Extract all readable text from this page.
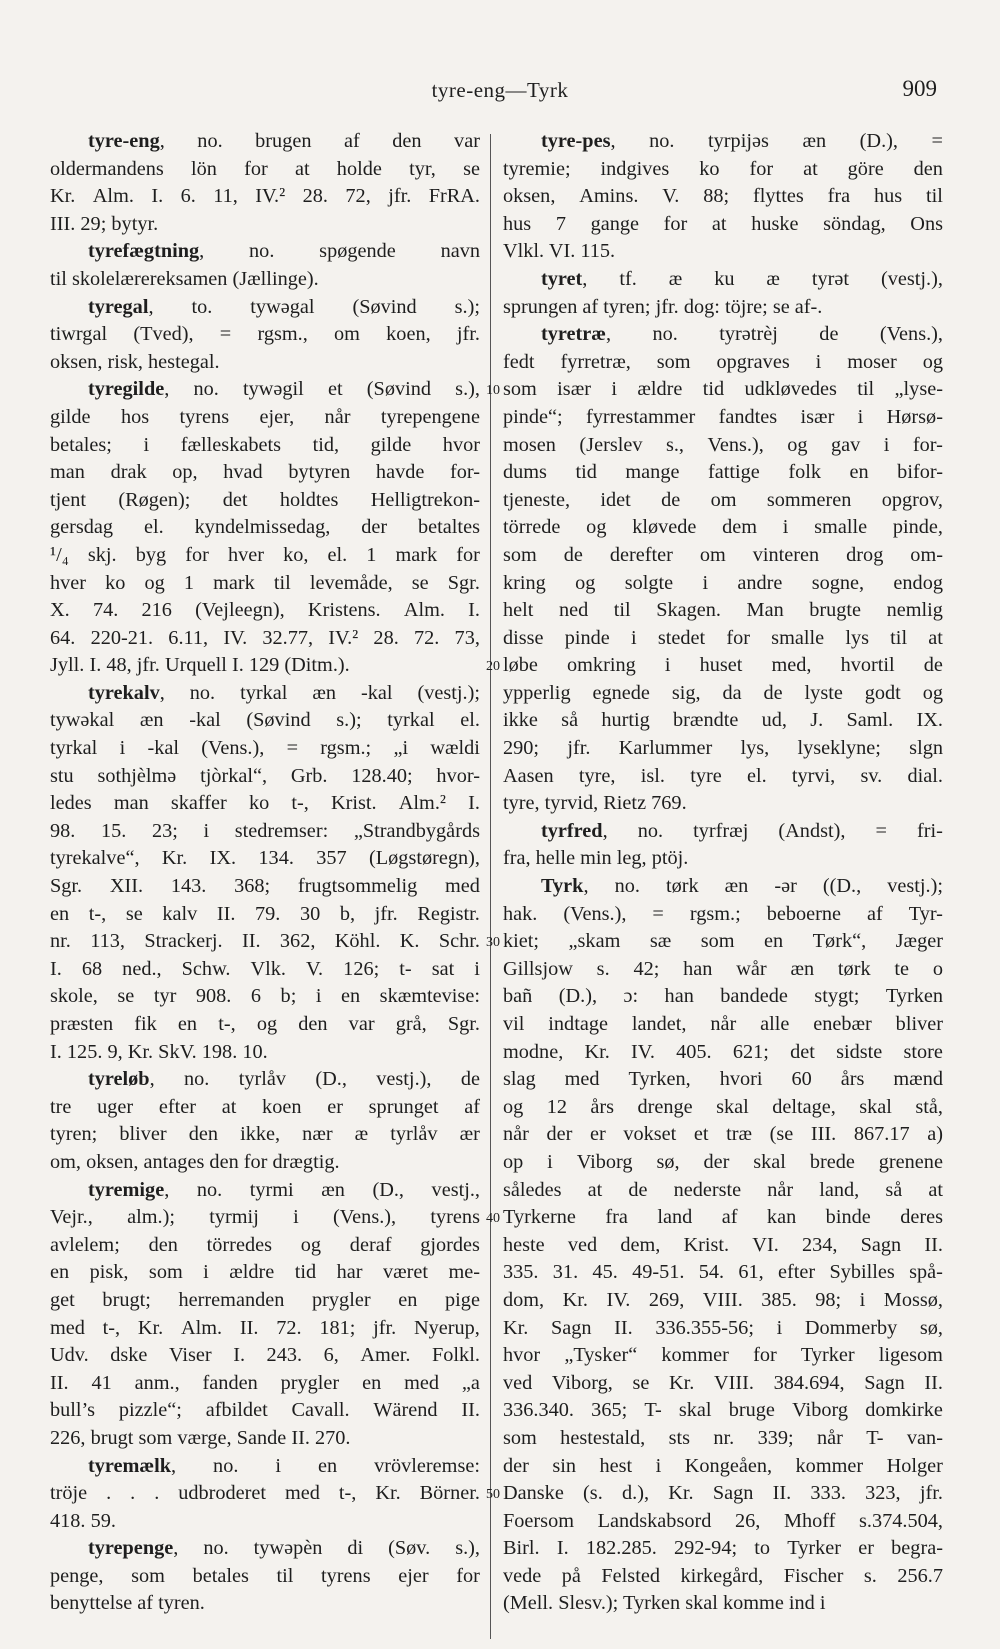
tyre-eng—Tyrk	909
tyre-eng, no. brugen af den var
oldermandens lön for at holde tyr, se
Kr. Alm. I. 6. 11, IV.² 28. 72, jfr. FrRA.
III. 29; bytyr.
tyrefægtning, no. spøgende navn
til skolelærereksamen (Jællinge).
tyregal, to. tywəgal (Søvind s.);
tiwrgal (Tved), = rgsm., om koen, jfr.
oksen, risk, hestegal.
tyregilde, no. tywəgil et (Søvind s.),
gilde hos tyrens ejer, når tyrepengene
betales; i fælleskabets tid, gilde hvor
man drak op, hvad bytyren havde for-
tjent (Røgen); det holdtes Helligtrekon-
gersdag el. kyndelmissedag, der betaltes
¹/₄ skj. byg for hver ko, el. 1 mark for
hver ko og 1 mark til levemåde, se Sgr.
X. 74. 216 (Vejleegn), Kristens. Alm. I.
64. 220-21. 6.11, IV. 32.77, IV.² 28. 72. 73,
Jyll. I. 48, jfr. Urquell I. 129 (Ditm.).
tyrekalv, no. tyrkal æn -kal (vestj.);
tywəkal æn -kal (Søvind s.); tyrkal el.
tyrkal i -kal (Vens.), = rgsm.; „i wældi
stu sothjèlmə tjòrkal“, Grb. 128.40; hvor-
ledes man skaffer ko t-, Krist. Alm.² I.
98. 15. 23; i stedremser: „Strandbygårds
tyrekalve“, Kr. IX. 134. 357 (Løgstøregn),
Sgr. XII. 143. 368; frugtsommelig med
en t-, se kalv II. 79. 30 b, jfr. Registr.
nr. 113, Strackerj. II. 362, Köhl. K. Schr.
I. 68 ned., Schw. Vlk. V. 126; t- sat i
skole, se tyr 908. 6 b; i en skæmtevise:
præsten fik en t-, og den var grå, Sgr.
I. 125. 9, Kr. SkV. 198. 10.
tyreløb, no. tyrlåv (D., vestj.), de
tre uger efter at koen er sprunget af
tyren; bliver den ikke, nær æ tyrlåv ær
om, oksen, antages den for drægtig.
tyremige, no. tyrmi æn (D., vestj.,
Vejr., alm.); tyrmij i (Vens.), tyrens
avlelem; den törredes og deraf gjordes
en pisk, som i ældre tid har været me-
get brugt; herremanden prygler en pige
med t-, Kr. Alm. II. 72. 181; jfr. Nyerup,
Udv. dske Viser I. 243. 6, Amer. Folkl.
II. 41 anm., fanden prygler en med „a
bull’s pizzle“; afbildet Cavall. Wärend II.
226, brugt som værge, Sande II. 270.
tyremælk, no. i en vrövleremse:
tröje . . . udbroderet med t-, Kr. Börner.
418. 59.
tyrepenge, no. tywəpèn di (Søv. s.),
penge, som betales til tyrens ejer for
benyttelse af tyren.
tyre-pes, no. tyrpijəs æn (D.), =
tyremie; indgives ko for at göre den
oksen, Amins. V. 88; flyttes fra hus til
hus 7 gange for at huske söndag, Ons
Vlkl. VI. 115.
tyret, tf. æ ku æ tyrət (vestj.),
sprungen af tyren; jfr. dog: töjre; se af-.
tyretræ, no. tyrətrèj de (Vens.),
fedt fyrretræ, som opgraves i moser og
som især i ældre tid udkløvedes til „lyse-
10
pinde“; fyrrestammer fandtes især i Hørsø-
mosen (Jerslev s., Vens.), og gav i for-
dums tid mange fattige folk en bifor-
tjeneste, idet de om sommeren opgrov,
törrede og kløvede dem i smalle pinde,
som de derefter om vinteren drog om-
kring og solgte i andre sogne, endog
helt ned til Skagen. Man brugte nemlig
disse pinde i stedet for smalle lys til at
løbe omkring i huset med, hvortil de
20
ypperlig egnede sig, da de lyste godt og
ikke så hurtig brændte ud, J. Saml. IX.
290; jfr. Karlummer lys, lyseklyne; slgn
Aasen tyre, isl. tyre el. tyrvi, sv. dial.
tyre, tyrvid, Rietz 769.
tyrfred, no. tyrfræj (Andst), = fri-
fra, helle min leg, ptöj.
Tyrk, no. tørk æn -ər ((D., vestj.);
hak. (Vens.), = rgsm.; beboerne af Tyr-
kiet; „skam sæ som en Tørk“, Jæger
30
Gillsjow s. 42; han wår æn tørk te o
bañ (D.), ɔ: han bandede stygt; Tyrken
vil indtage landet, når alle enebær bliver
modne, Kr. IV. 405. 621; det sidste store
slag med Tyrken, hvori 60 års mænd
og 12 års drenge skal deltage, skal stå,
når der er vokset et træ (se III. 867.17 a)
op i Viborg sø, der skal brede grenene
således at de nederste når land, så at
Tyrkerne fra land af kan binde deres
40
heste ved dem, Krist. VI. 234, Sagn II.
335. 31. 45. 49-51. 54. 61, efter Sybilles spå-
dom, Kr. IV. 269, VIII. 385. 98; i Mossø,
Kr. Sagn II. 336.355-56; i Dommerby sø,
hvor „Tysker“ kommer for Tyrker ligesom
ved Viborg, se Kr. VIII. 384.694, Sagn II.
336.340. 365; T- skal bruge Viborg domkirke
som hestestald, sts nr. 339; når T- van-
der sin hest i Kongeåen, kommer Holger
Danske (s. d.), Kr. Sagn II. 333. 323, jfr.
50
Foersom Landskabsord 26, Mhoff s.374.504,
Birl. I. 182.285. 292-94; to Tyrker er begra-
vede på Felsted kirkegård, Fischer s. 256.7
(Mell. Slesv.); Tyrken skal komme ind i
